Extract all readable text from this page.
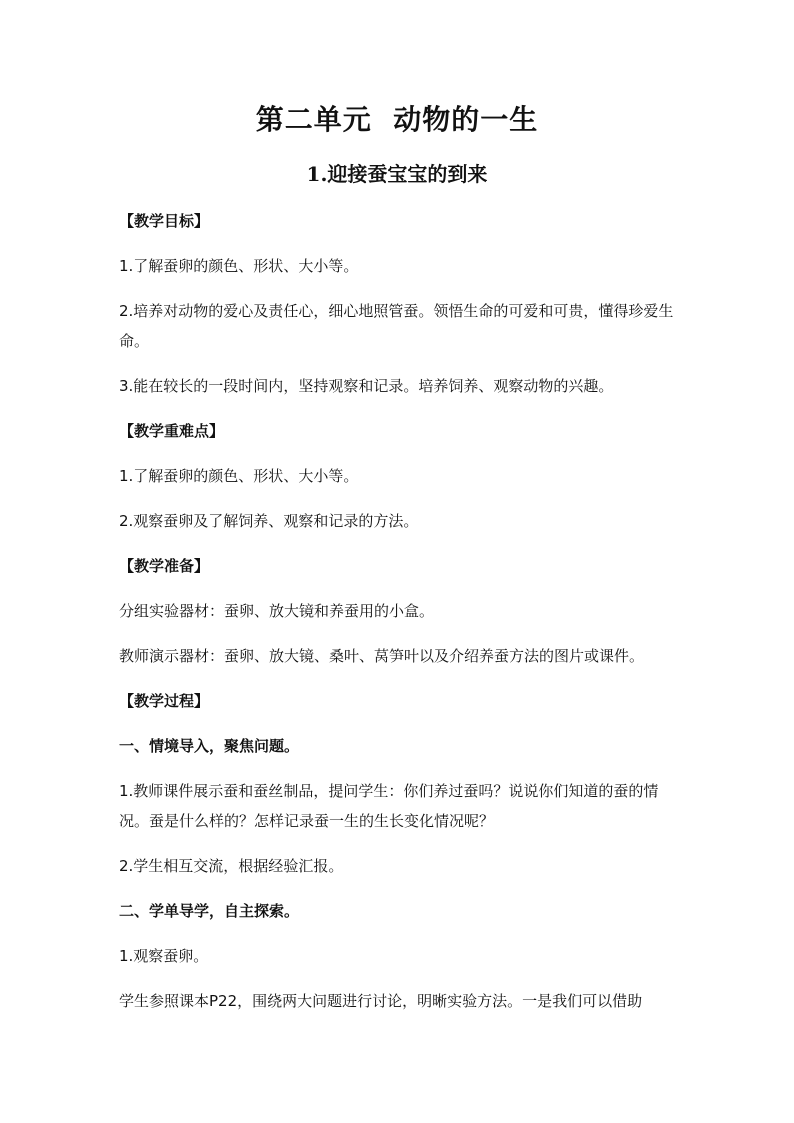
第二单元  动物的一生
1.迎接蚕宝宝的到来

【教学目标】

1.了解蚕卵的颜色、形状、大小等。

2.培养对动物的爱心及责任心，细心地照管蚕。领悟生命的可爱和可贵，懂得珍爱生命。

3.能在较长的一段时间内，坚持观察和记录。培养饲养、观察动物的兴趣。

【教学重难点】

1.了解蚕卵的颜色、形状、大小等。

2.观察蚕卵及了解饲养、观察和记录的方法。

【教学准备】

分组实验器材：蚕卵、放大镜和养蚕用的小盒。

教师演示器材：蚕卵、放大镜、桑叶、莴笋叶以及介绍养蚕方法的图片或课件。

【教学过程】

一、情境导入，聚焦问题。

1.教师课件展示蚕和蚕丝制品，提问学生：你们养过蚕吗？说说你们知道的蚕的情况。蚕是什么样的？怎样记录蚕一生的生长变化情况呢？

2.学生相互交流，根据经验汇报。

二、学单导学，自主探索。

1.观察蚕卵。

学生参照课本P22，围绕两大问题进行讨论，明晰实验方法。一是我们可以借助
